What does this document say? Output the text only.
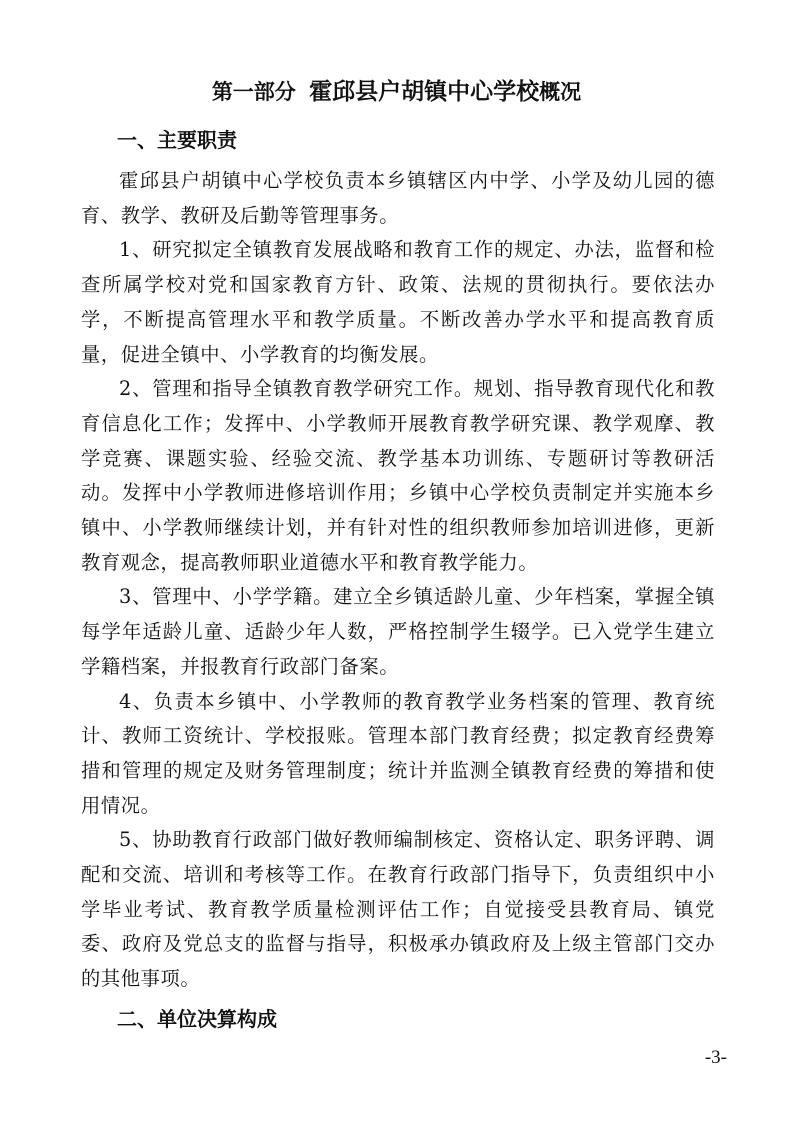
第一部分 霍邱县户胡镇中心学校概况
一、主要职责

霍邱县户胡镇中心学校负责本乡镇辖区内中学、小学及幼儿园的德育、教学、教研及后勤等管理事务。

1、研究拟定全镇教育发展战略和教育工作的规定、办法，监督和检查所属学校对党和国家教育方针、政策、法规的贯彻执行。要依法办学，不断提高管理水平和教学质量。不断改善办学水平和提高教育质量，促进全镇中、小学教育的均衡发展。

2、管理和指导全镇教育教学研究工作。规划、指导教育现代化和教育信息化工作；发挥中、小学教师开展教育教学研究课、教学观摩、教学竞赛、课题实验、经验交流、教学基本功训练、专题研讨等教研活动。发挥中小学教师进修培训作用；乡镇中心学校负责制定并实施本乡镇中、小学教师继续计划，并有针对性的组织教师参加培训进修，更新教育观念，提高教师职业道德水平和教育教学能力。

3、管理中、小学学籍。建立全乡镇适龄儿童、少年档案，掌握全镇每学年适龄儿童、适龄少年人数，严格控制学生辍学。已入党学生建立学籍档案，并报教育行政部门备案。

4、负责本乡镇中、小学教师的教育教学业务档案的管理、教育统计、教师工资统计、学校报账。管理本部门教育经费；拟定教育经费筹措和管理的规定及财务管理制度；统计并监测全镇教育经费的筹措和使用情况。

5、协助教育行政部门做好教师编制核定、资格认定、职务评聘、调配和交流、培训和考核等工作。在教育行政部门指导下，负责组织中小学毕业考试、教育教学质量检测评估工作；自觉接受县教育局、镇党委、政府及党总支的监督与指导，积极承办镇政府及上级主管部门交办的其他事项。

二、单位决算构成
-3-
